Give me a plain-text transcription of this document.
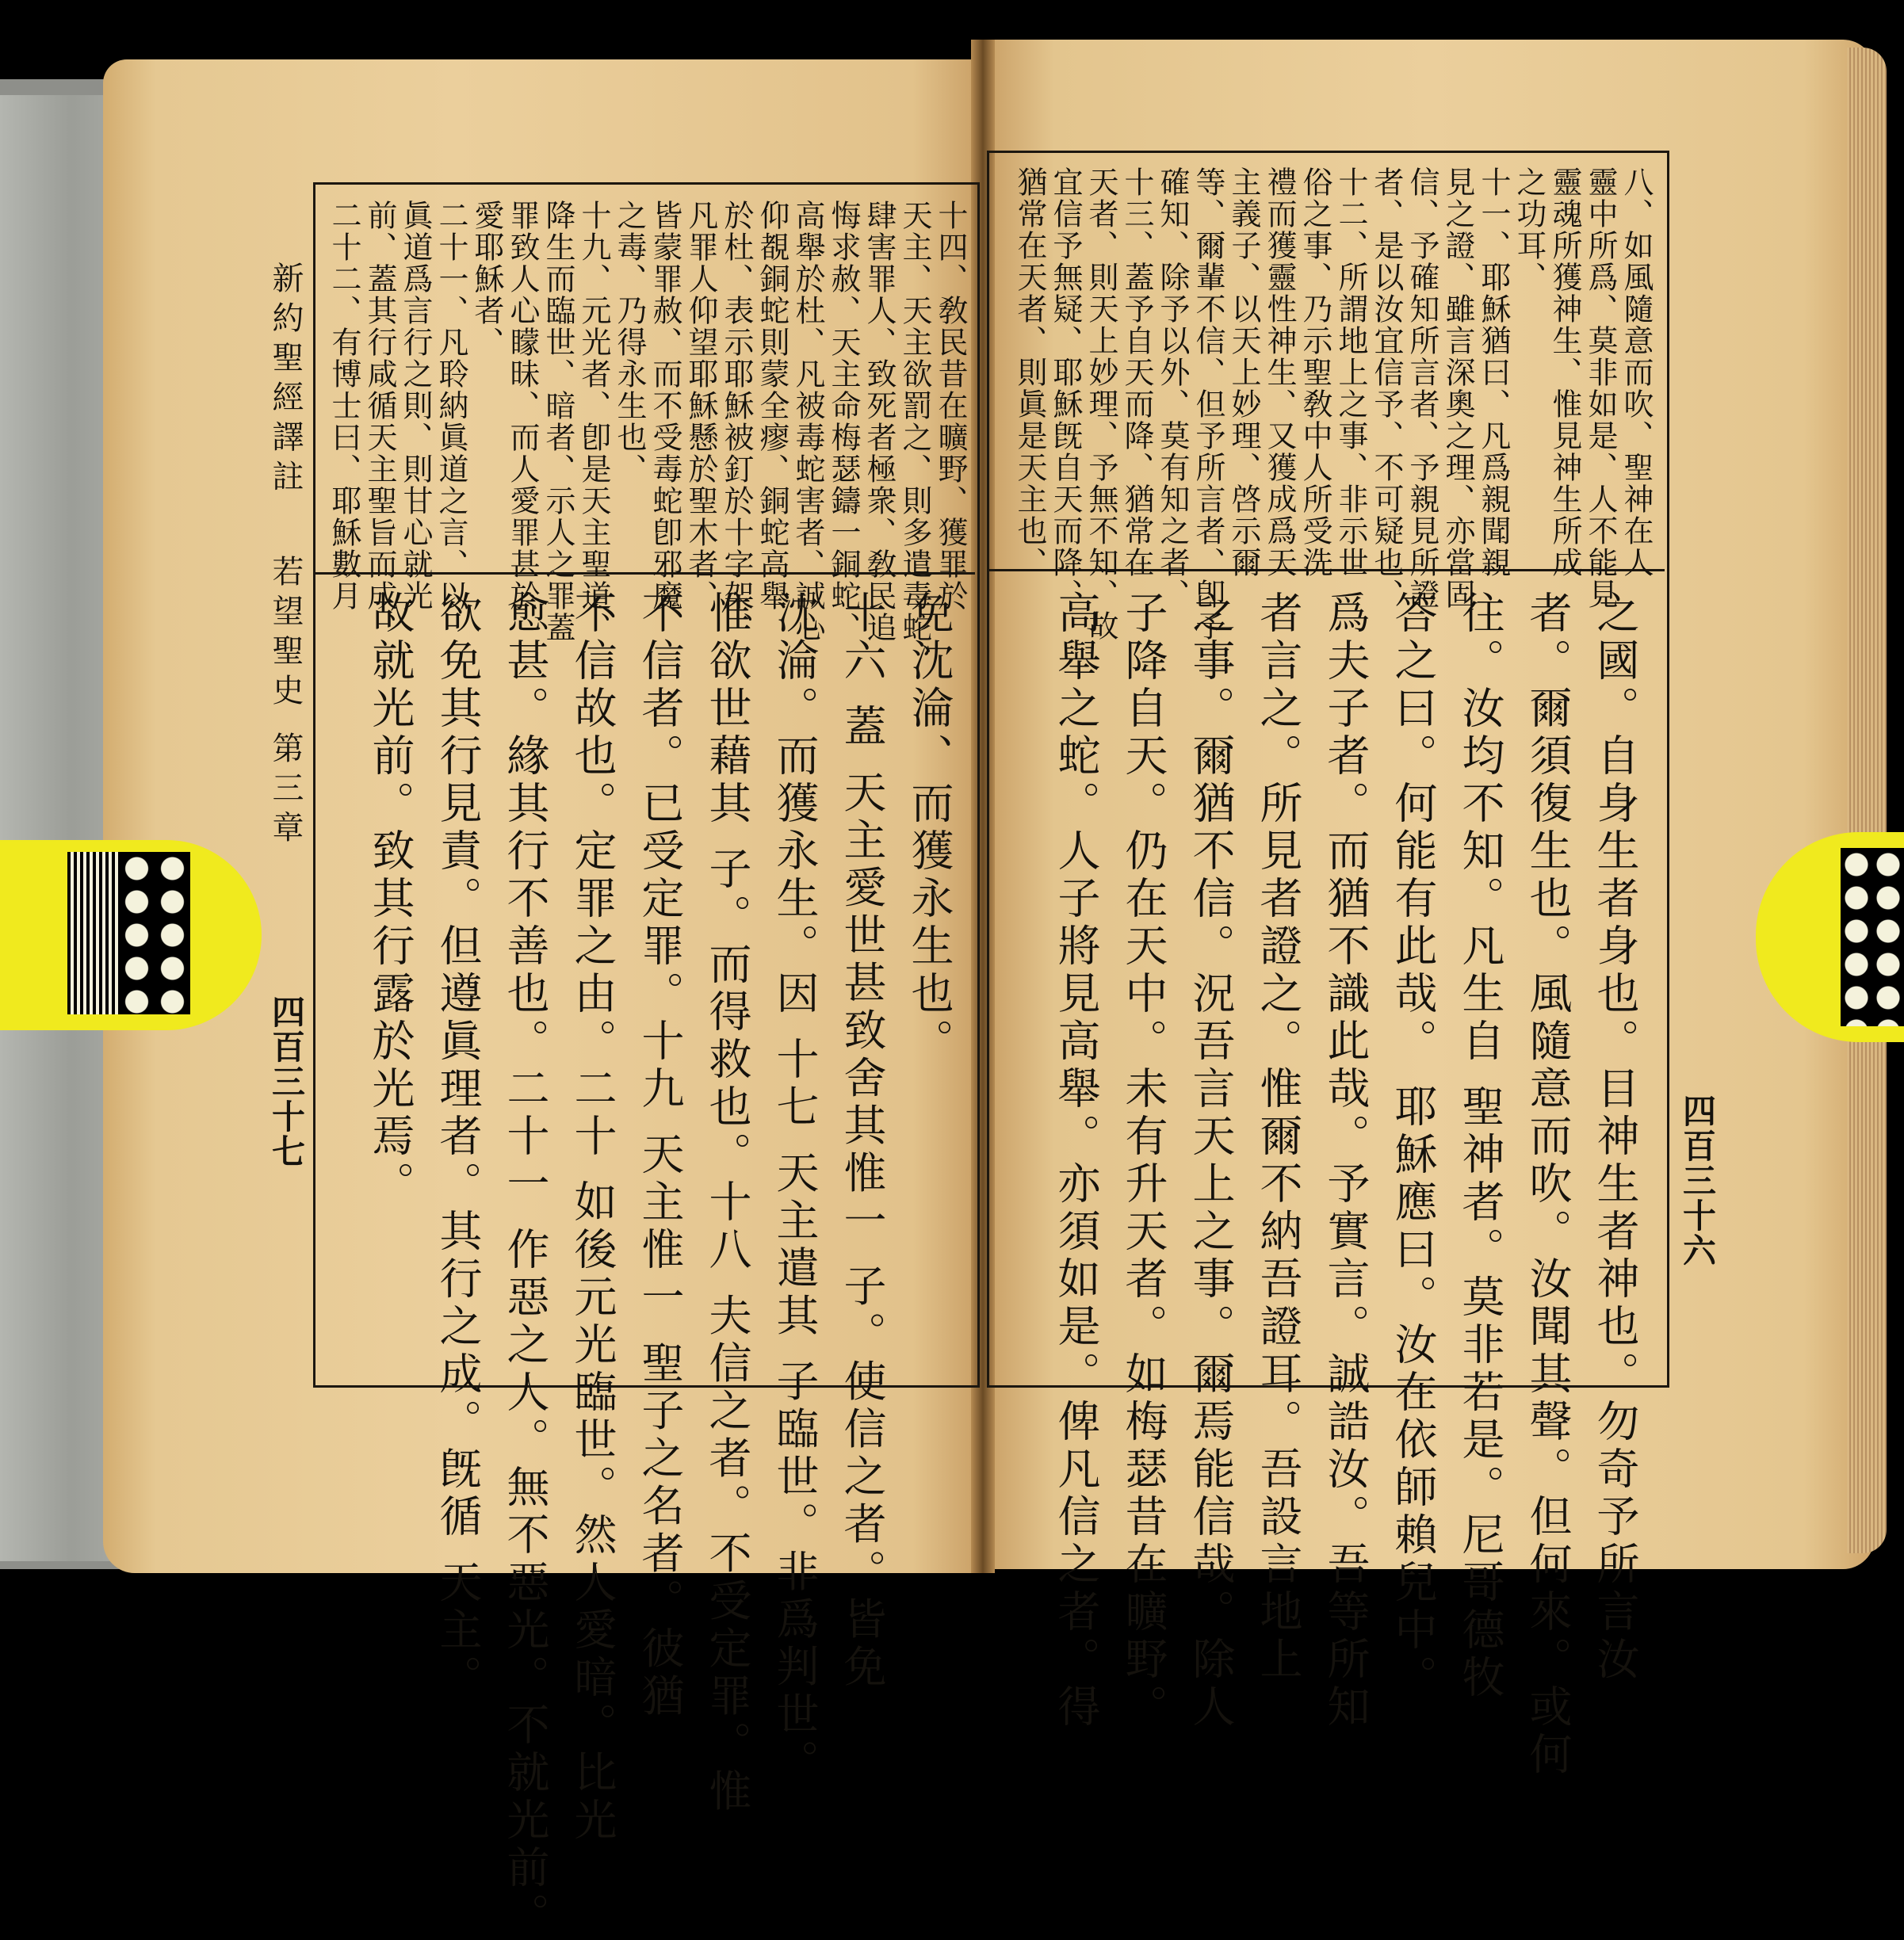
新約聖經譯註
若望聖史 第三章
四百三十七
十四、敎民昔在曠野、獲罪於
天主、天主欲罰之、則多遣毒蛇、
肆害罪人、致死者極衆、敎民追
悔求赦、天主命梅瑟鑄一銅蛇、
高舉於杜、凡被毒蛇害者、誠心
仰覩銅蛇則蒙全瘳、銅蛇高舉
於杜、表示耶穌被釘於十字架、
凡罪人仰望耶穌懸於聖木者、
皆蒙罪赦、而不受毒蛇卽邪魔
之毒、乃得永生也、
十九、元光者、卽是天主聖道、
降生而臨世、暗者、示人之罪蓋
罪致人心矇昧、而人愛罪甚於
愛耶穌者、
二十一、凡聆納眞道之言、以
眞道爲言行之則、則甘心就光
前、蓋其行咸循天主聖旨而成、
二十二、有博士曰、耶穌數月
免沈淪、而獲永生也。
十六 蓋 天主愛世甚致舍其惟一 子。使信之者。皆免
沈淪。而獲永生。因 十七 天主遣其 子臨世。非爲判世。
惟欲世藉其 子。而得救也。十八 夫信之者。不受定罪。惟
不信者。已受定罪。十九 天主惟一 聖子之名者。彼猶
不信故也。定罪之由。二十 如後元光臨世。然人愛暗。比光
愈甚。緣其行不善也。二十一 作惡之人。無不惡光。不就光前。
欲免其行見責。但遵眞理者。其行之成。旣循 天主。
故就光前。致其行露於光焉。
八、如風隨意而吹、聖神在人
靈中所爲、莫非如是、人不能見
靈魂所獲神生、惟見神生所成
之功耳、
十一、耶穌猶曰、凡爲親聞親
見之證、雖言深奧之理、亦當固
信、予確知所言者、予親見所證
者、是以汝宜信予、不可疑也、
十二、所謂地上之事、非示世
俗之事、乃示聖敎中人所受洗
禮而獲靈性神生、又獲成爲天
主義子、以天上妙理、啓示爾
等、爾輩不信、但予所言者、卽予
確知、除予以外、莫有知之者、
十三、蓋予自天而降、猶常在
天者、則天上妙理、予無不知、故
宜信予無疑、耶穌旣自天而降、
猶常在天者、則眞是天主也、
之國。自身生者身也。目神生者神也。勿奇予所言汝
者。爾須復生也。風隨意而吹。汝聞其聲。但何來。或何
往。汝均不知。凡生自 聖神者。莫非若是。尼哥德牧
答之曰。何能有此哉。 耶穌應曰。汝在依師賴兒中。
爲夫子者。而猶不識此哉。予實言。誠誥汝。吾等所知
者言之。所見者證之。惟爾不納吾證耳。吾設言地上
之事。爾猶不信。況吾言天上之事。爾焉能信哉。除人
子降自天。仍在天中。未有升天者。如梅瑟昔在曠野。
高舉之蛇。人子將見高舉。亦須如是。俾凡信之者。得	四百三十六
